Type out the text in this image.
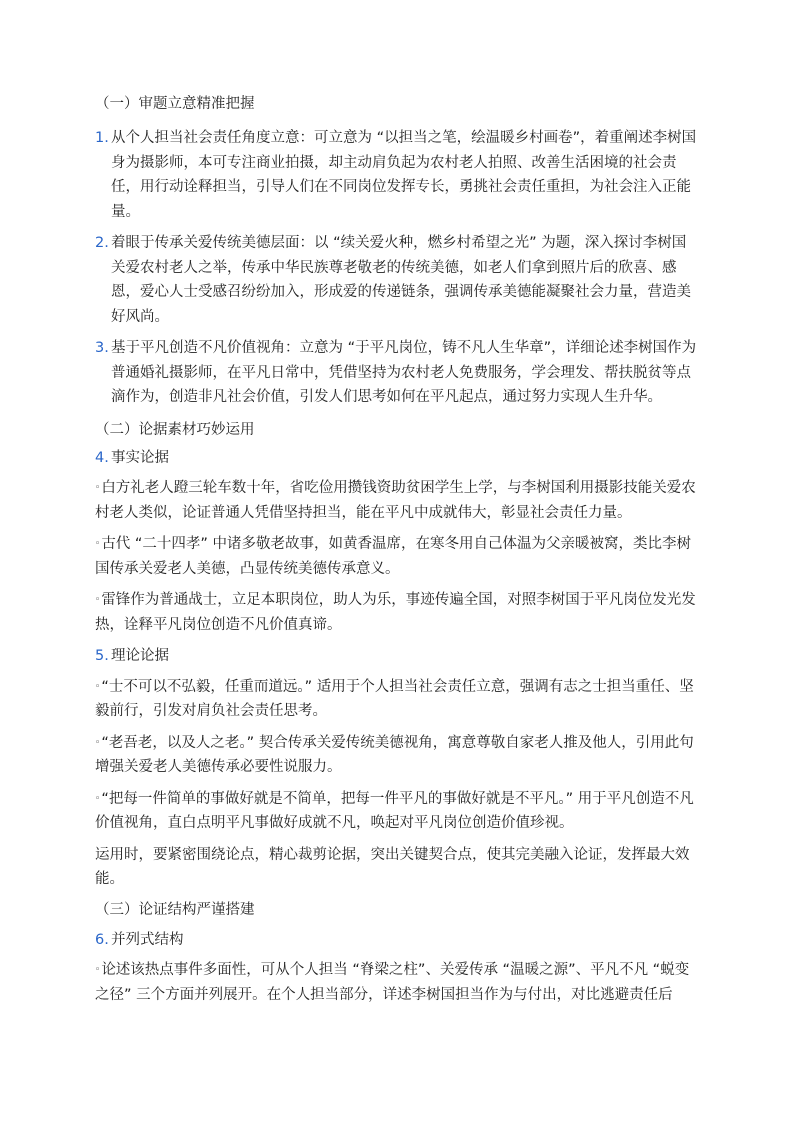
（一）审题立意精准把握

1. 从个人担当社会责任角度立意：可立意为 “以担当之笔，绘温暖乡村画卷”，着重阐述李树国身为摄影师，本可专注商业拍摄，却主动肩负起为农村老人拍照、改善生活困境的社会责任，用行动诠释担当，引导人们在不同岗位发挥专长，勇挑社会责任重担，为社会注入正能量。
2. 着眼于传承关爱传统美德层面：以 “续关爱火种，燃乡村希望之光” 为题，深入探讨李树国关爱农村老人之举，传承中华民族尊老敬老的传统美德，如老人们拿到照片后的欣喜、感恩，爱心人士受感召纷纷加入，形成爱的传递链条，强调传承美德能凝聚社会力量，营造美好风尚。
3. 基于平凡创造不凡价值视角：立意为 “于平凡岗位，铸不凡人生华章”，详细论述李树国作为普通婚礼摄影师，在平凡日常中，凭借坚持为农村老人免费服务，学会理发、帮扶脱贫等点滴作为，创造非凡社会价值，引发人们思考如何在平凡起点，通过努力实现人生升华。

（二）论据素材巧妙运用

4. 事实论据

◦白方礼老人蹬三轮车数十年，省吃俭用攒钱资助贫困学生上学，与李树国利用摄影技能关爱农村老人类似，论证普通人凭借坚持担当，能在平凡中成就伟大，彰显社会责任力量。

◦古代 “二十四孝” 中诸多敬老故事，如黄香温席，在寒冬用自己体温为父亲暖被窝，类比李树国传承关爱老人美德，凸显传统美德传承意义。

◦雷锋作为普通战士，立足本职岗位，助人为乐，事迹传遍全国，对照李树国于平凡岗位发光发热，诠释平凡岗位创造不凡价值真谛。

5. 理论论据

◦“士不可以不弘毅，任重而道远。” 适用于个人担当社会责任立意，强调有志之士担当重任、坚毅前行，引发对肩负社会责任思考。

◦“老吾老，以及人之老。” 契合传承关爱传统美德视角，寓意尊敬自家老人推及他人，引用此句增强关爱老人美德传承必要性说服力。

◦“把每一件简单的事做好就是不简单，把每一件平凡的事做好就是不平凡。” 用于平凡创造不凡价值视角，直白点明平凡事做好成就不凡，唤起对平凡岗位创造价值珍视。

运用时，要紧密围绕论点，精心裁剪论据，突出关键契合点，使其完美融入论证，发挥最大效能。

（三）论证结构严谨搭建

6. 并列式结构

◦论述该热点事件多面性，可从个人担当 “脊梁之柱”、关爱传承 “温暖之源”、平凡不凡 “蜕变之径” 三个方面并列展开。在个人担当部分，详述李树国担当作为与付出，对比逃避责任后
